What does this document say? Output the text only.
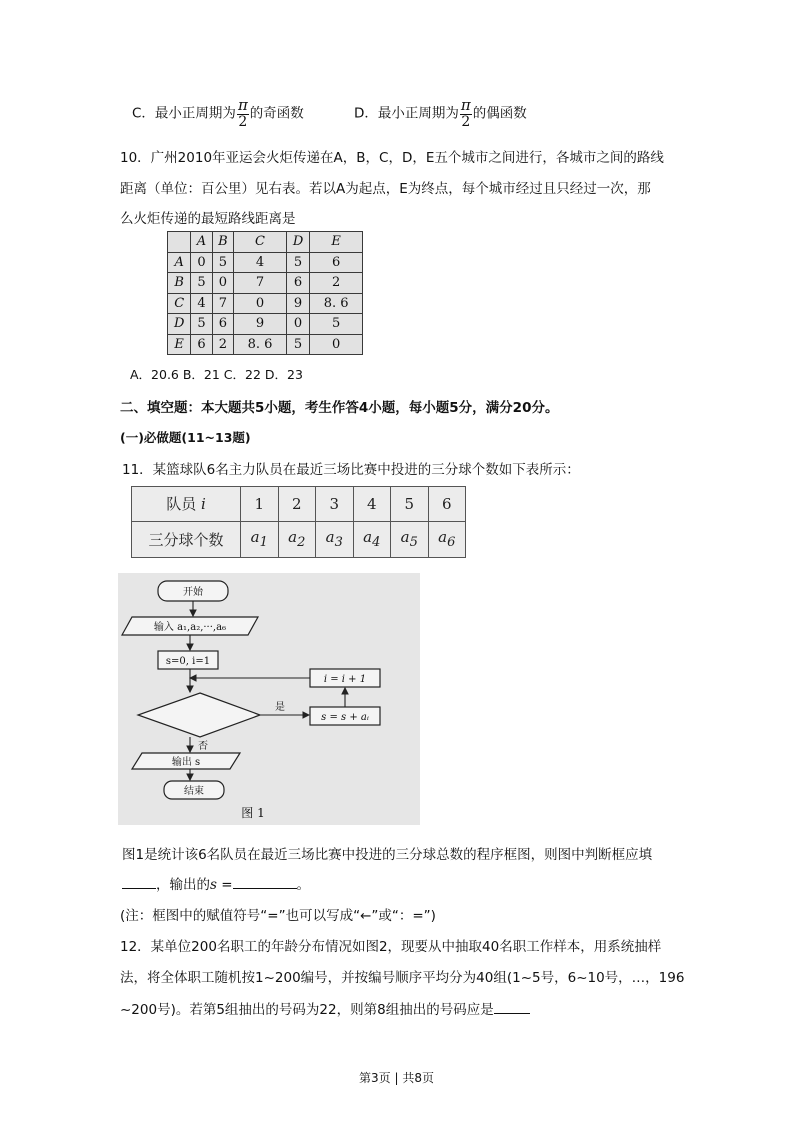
C．最小正周期为 $\frac{\pi}{2}$ 的奇函数	D．最小正周期为 $\frac{\pi}{2}$ 的偶函数
10．广州2010年亚运会火炬传递在A，B，C，D，E五个城市之间进行，各城市之间的路线
距离（单位：百公里）见右表。若以A为起点，E为终点，每个城市经过且只经过一次，那
么火炬传递的最短路线距离是
	A	B	C	D	E
A	0	5	4	5	6
B	5	0	7	6	2
C	4	7	0	9	8. 6
D	5	6	9	0	5
E	6	2	8. 6	5	0
A．20.6 B．21 C．22 D．23
二、填空题：本大题共5小题，考生作答4小题，每小题5分，满分20分。
(一)必做题(11~13题)
11．某篮球队6名主力队员在最近三场比赛中投进的三分球个数如下表所示：
队员 i	1	2	3	4	5	6
三分球个数	$a_1$	$a_2$	$a_3$	$a_4$	$a_5$	$a_6$
开始
输入 a₁,a₂,···,a₆
s=0, i=1
i = i + 1
s = s + aᵢ
是
否
输出 s
结束
图 1
图1是统计该6名队员在最近三场比赛中投进的三分球总数的程序框图，则图中判断框应填
，输出的s =	。
(注：框图中的赋值符号“=”也可以写成“←”或“：=”)
12．某单位200名职工的年龄分布情况如图2，现要从中抽取40名职工作样本，用系统抽样
法，将全体职工随机按1~200编号，并按编号顺序平均分为40组(1~5号，6~10号，…，196
~200号)。若第5组抽出的号码为22，则第8组抽出的号码应是
第3页 | 共8页
